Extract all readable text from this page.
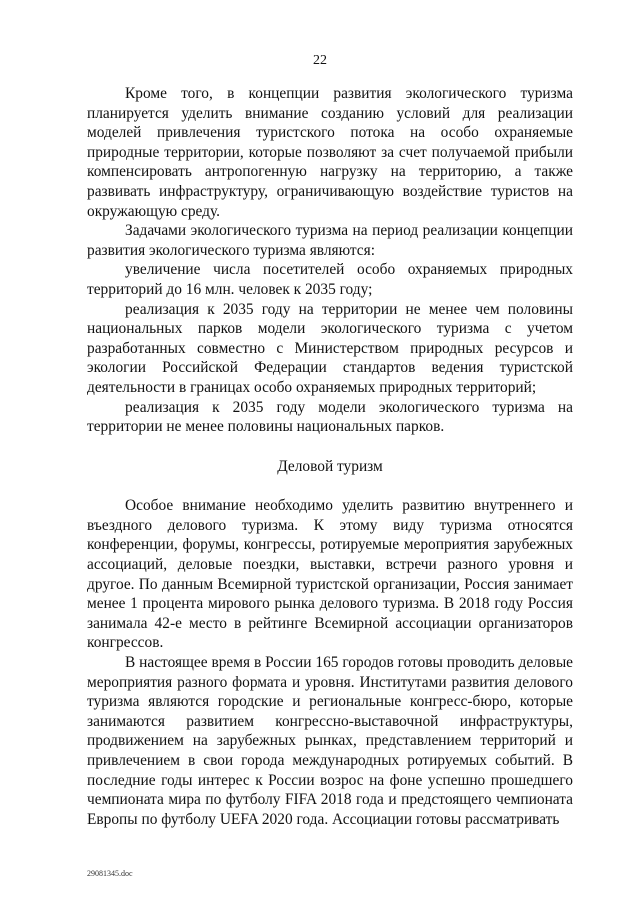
22

Кроме того, в концепции развития экологического туризма планируется уделить внимание созданию условий для реализации моделей привлечения туристского потока на особо охраняемые природные территории, которые позволяют за счет получаемой прибыли компенсировать антропогенную нагрузку на территорию, а также развивать инфраструктуру, ограничивающую воздействие туристов на окружающую среду.

Задачами экологического туризма на период реализации концепции развития экологического туризма являются:

увеличение числа посетителей особо охраняемых природных территорий до 16 млн. человек к 2035 году;

реализация к 2035 году на территории не менее чем половины национальных парков модели экологического туризма с учетом разработанных совместно с Министерством природных ресурсов и экологии Российской Федерации стандартов ведения туристской деятельности в границах особо охраняемых природных территорий;

реализация к 2035 году модели экологического туризма на территории не менее половины национальных парков.

Деловой туризм

Особое внимание необходимо уделить развитию внутреннего и въездного делового туризма. К этому виду туризма относятся конференции, форумы, конгрессы, ротируемые мероприятия зарубежных ассоциаций, деловые поездки, выставки, встречи разного уровня и другое. По данным Всемирной туристской организации, Россия занимает менее 1 процента мирового рынка делового туризма. В 2018 году Россия занимала 42-е место в рейтинге Всемирной ассоциации организаторов конгрессов.

В настоящее время в России 165 городов готовы проводить деловые мероприятия разного формата и уровня. Институтами развития делового туризма являются городские и региональные конгресс-бюро, которые занимаются развитием конгрессно-выставочной инфраструктуры, продвижением на зарубежных рынках, представлением территорий и привлечением в свои города международных ротируемых событий. В последние годы интерес к России возрос на фоне успешно прошедшего чемпионата мира по футболу FIFA 2018 года и предстоящего чемпионата Европы по футболу UEFA 2020 года. Ассоциации готовы рассматривать

29081345.doc
